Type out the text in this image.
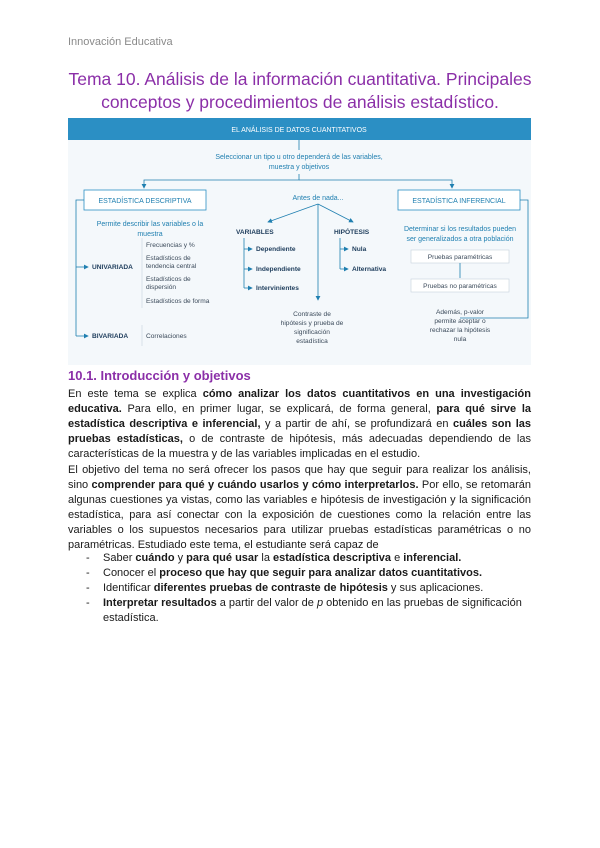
Innovación Educativa
Tema 10. Análisis de la información cuantitativa. Principales
conceptos y procedimientos de análisis estadístico.
EL ANÁLISIS DE DATOS CUANTITATIVOS
Seleccionar un tipo u otro dependerá de las variables,
muestra y objetivos
ESTADÍSTICA DESCRIPTIVA
Permite describir las variables o la
muestra
UNIVARIADA
Frecuencias y %
Estadísticos de
tendencia central
Estadísticos de
dispersión
Estadísticos de forma
BIVARIADA	Correlaciones
Antes de nada...
VARIABLES
Dependiente
Independiente
Intervinientes
HIPÓTESIS
Nula
Alternativa
Contraste de
hipótesis y prueba de
significación
estadística
ESTADÍSTICA INFERENCIAL
Determinar si los resultados pueden
ser generalizados a otra población
Pruebas paramétricas
Pruebas no paramétricas
Además, p-valor
permite aceptar o
rechazar la hipótesis
nula
10.1. Introducción y objetivos

En este tema se explica cómo analizar los datos cuantitativos en una investigación educativa. Para ello, en primer lugar, se explicará, de forma general, para qué sirve la estadística descriptiva e inferencial, y a partir de ahí, se profundizará en cuáles son las pruebas estadísticas, o de contraste de hipótesis, más adecuadas dependiendo de las características de la muestra y de las variables implicadas en el estudio.

El objetivo del tema no será ofrecer los pasos que hay que seguir para realizar los análisis, sino comprender para qué y cuándo usarlos y cómo interpretarlos. Por ello, se retomarán algunas cuestiones ya vistas, como las variables e hipótesis de investigación y la significación estadística, para así conectar con la exposición de cuestiones como la relación entre las variables o los supuestos necesarios para utilizar pruebas estadísticas paramétricas o no paramétricas. Estudiado este tema, el estudiante será capaz de

- Saber cuándo y para qué usar la estadística descriptiva e inferencial.
- Conocer el proceso que hay que seguir para analizar datos cuantitativos.
- Identificar diferentes pruebas de contraste de hipótesis y sus aplicaciones.
- Interpretar resultados a partir del valor de p obtenido en las pruebas de significación estadística.
